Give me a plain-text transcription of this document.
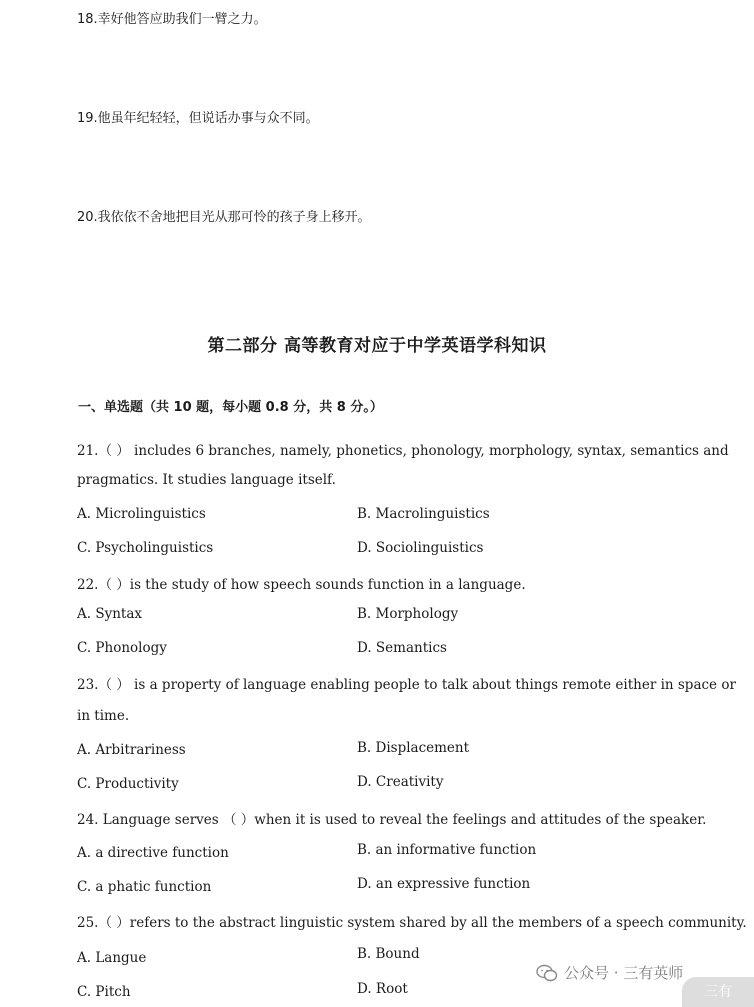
18.幸好他答应助我们一臂之力。
19.他虽年纪轻轻，但说话办事与众不同。
20.我依依不舍地把目光从那可怜的孩子身上移开。
第二部分 高等教育对应于中学英语学科知识
一、单选题（共 10 题，每小题 0.8 分，共 8 分。）
21.（ ） includes 6 branches, namely, phonetics, phonology, morphology, syntax, semantics and
pragmatics. It studies language itself.
A. Microlinguistics	B. Macrolinguistics
C. Psycholinguistics	D. Sociolinguistics
22.（ ）is the study of how speech sounds function in a language.
A. Syntax	B. Morphology
C. Phonology	D. Semantics
23.（ ） is a property of language enabling people to talk about things remote either in space or
in time.
A. Arbitrariness	B. Displacement
C. Productivity	D. Creativity
24. Language serves （ ）when it is used to reveal the feelings and attitudes of the speaker.
A. a directive function	B. an informative function
C. a phatic function	D. an expressive function
25.（ ）refers to the abstract linguistic system shared by all the members of a speech community.
A. Langue	B. Bound
C. Pitch	D. Root
公众号 · 三有英师
三有
